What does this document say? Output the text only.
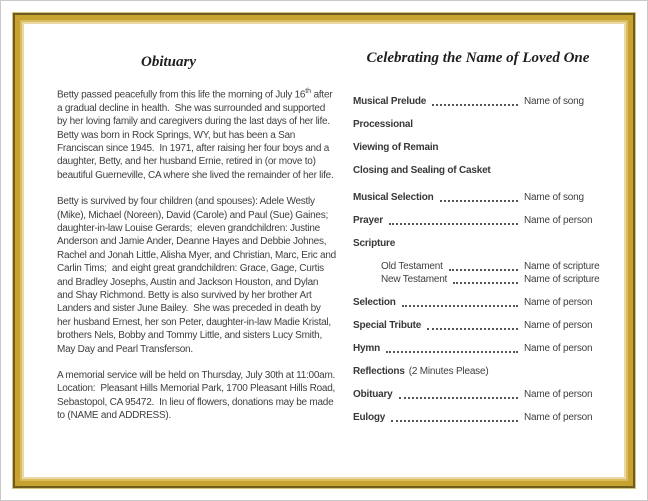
Obituary

Betty passed peacefully from this life the morning of July 16th after a gradual decline in health.  She was surrounded and supported by her loving family and caregivers during the last days of her life.  Betty was born in Rock Springs, WY, but has been a San Franciscan since 1945.  In 1971, after raising her four boys and a daughter, Betty, and her husband Ernie, retired in (or move to) beautiful Guerneville, CA where she lived the remainder of her life.

Betty is survived by four children (and spouses): Adele Westly (Mike), Michael (Noreen), David (Carole) and Paul (Sue) Gaines;  daughter-in-law Louise Gerards;  eleven grandchildren: Justine Anderson and Jamie Ander, Deanne Hayes and Debbie Johnes, Rachel and Jonah Little, Alisha Myer, and Christian, Marc, Eric and Carlin Tims;  and eight great grandchildren: Grace, Gage, Curtis and Bradley Josephs, Austin and Jackson Houston, and Dylan and Shay Richmond. Betty is also survived by her brother Art Landers and sister June Bailey.  She was preceded in death by her husband Ernest, her son Peter, daughter-in-law Madie Kristal, brothers Nels, Bobby and Tommy Little, and sisters Lucy Smith, May Day and Pearl Transferson.

A memorial service will be held on Thursday, July 30th at 11:00am.  Location:  Pleasant Hills Memorial Park, 1700 Pleasant Hills Road, Sebastopol, CA 95472.  In lieu of flowers, donations may be made to (NAME and ADDRESS).

Celebrating the Name of Loved One
Musical Prelude	Name of song
Processional
Viewing of Remain
Closing and Sealing of Casket
Musical Selection	Name of song
Prayer	Name of person
Scripture
Old Testament	Name of scripture
New Testament	Name of scripture
Selection	Name of person
Special Tribute	Name of person
Hymn	Name of person
Reflections (2 Minutes Please)
Obituary	Name of person
Eulogy	Name of person
